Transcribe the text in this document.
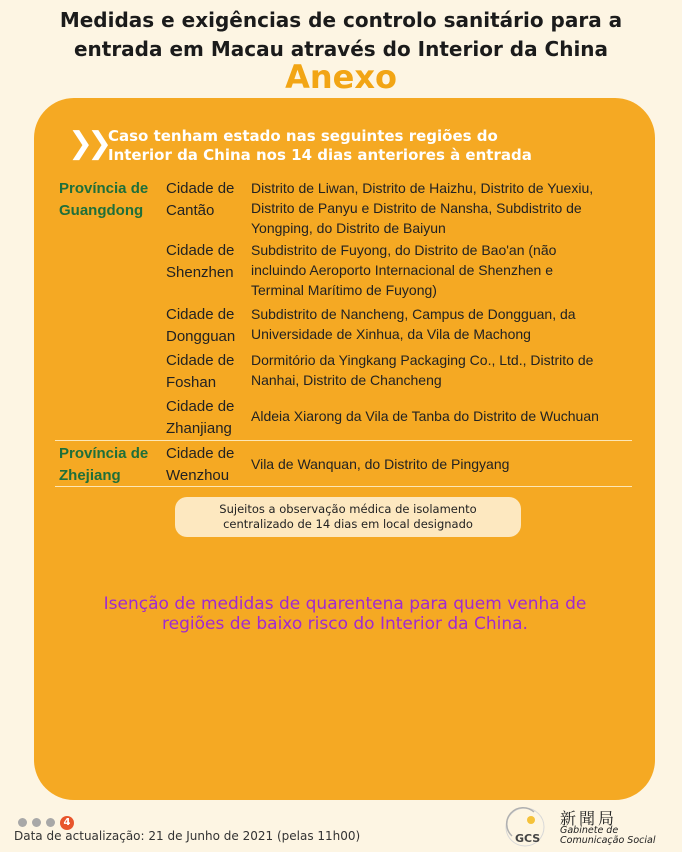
Medidas e exigências de controlo sanitário para a
entrada em Macau através do Interior da China
Anexo
❯❯ Caso tenham estado nas seguintes regiões do
Interior da China nos 14 dias anteriores à entrada
Província de
Guangdong
Cidade de
Cantão
Distrito de Liwan, Distrito de Haizhu, Distrito de Yuexiu,
Distrito de Panyu e Distrito de Nansha, Subdistrito de
Yongping, do Distrito de Baiyun
Cidade de
Shenzhen
Subdistrito de Fuyong, do Distrito de Bao'an (não
incluindo Aeroporto Internacional de Shenzhen e
Terminal Marítimo de Fuyong)
Cidade de
Dongguan
Subdistrito de Nancheng, Campus de Dongguan, da
Universidade de Xinhua, da Vila de Machong
Cidade de
Foshan
Dormitório da Yingkang Packaging Co., Ltd., Distrito de
Nanhai, Distrito de Chancheng
Cidade de
Zhanjiang
Aldeia Xiarong da Vila de Tanba do Distrito de Wuchuan
Província de
Zhejiang
Cidade de
Wenzhou
Vila de Wanquan, do Distrito de Pingyang
Sujeitos a observação médica de isolamento
centralizado de 14 dias em local designado
Isenção de medidas de quarentena para quem venha de
regiões de baixo risco do Interior da China.
4
Data de actualização: 21 de Junho de 2021 (pelas 11h00)	GCS
新聞局
Gabinete de
Comunicação Social
